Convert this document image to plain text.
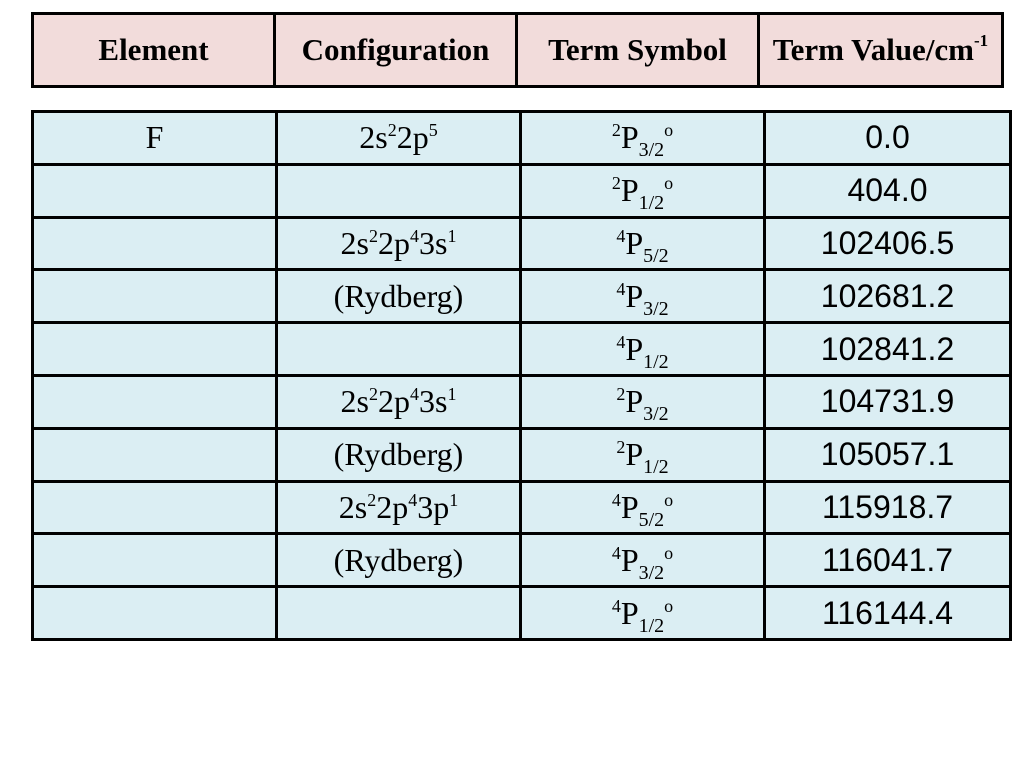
Element	Configuration	Term Symbol	Term Value/$cm^{-1}$
F	$2s^22p^5$	$^2P_{3/2}^o$	0.0
		$^2P_{1/2}^o$	404.0
	$2s^22p^43s^1$	$^4P_{5/2}$	102406.5
	(Rydberg)	$^4P_{3/2}$	102681.2
		$^4P_{1/2}$	102841.2
	$2s^22p^43s^1$	$^2P_{3/2}$	104731.9
	(Rydberg)	$^2P_{1/2}$	105057.1
	$2s^22p^43p^1$	$^4P_{5/2}^o$	115918.7
	(Rydberg)	$^4P_{3/2}^o$	116041.7
		$^4P_{1/2}^o$	116144.4
